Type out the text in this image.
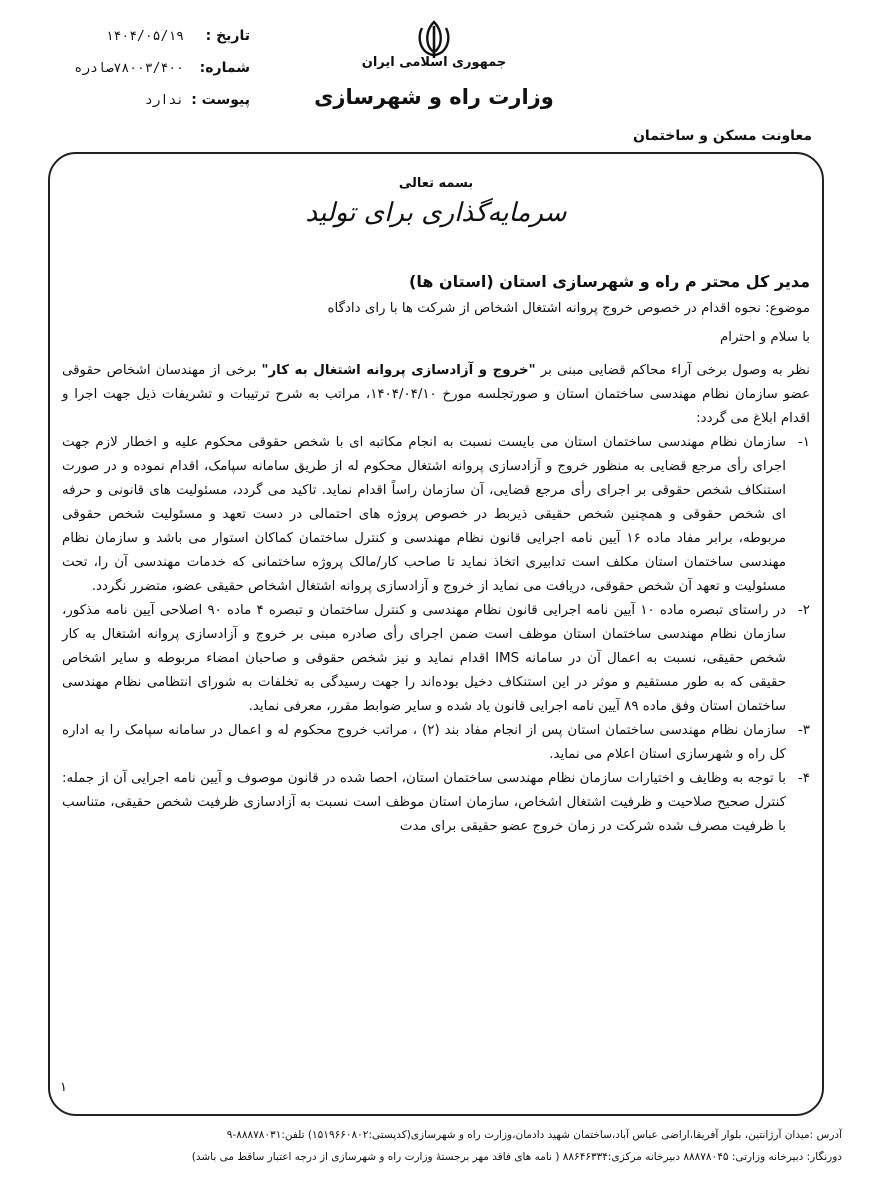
تاریخ :
۱۴۰۴/۰۵/۱۹
شماره:
۷۸۰۰۳/۴۰۰صادره
پیوست :
ندارد
جمهوری اسلامی ایران
وزارت راه و شهرسازی
معاونت مسکن و ساختمان
بسمه تعالی
سرمایه‌گذاری برای تولید
مدیر کل محتر م راه و شهرسازی استان (استان ها)
موضوع: نحوه اقدام در خصوص خروج پروانه اشتغال اشخاص از شرکت ها با رای دادگاه
با سلام و احترام
نظر به وصول برخی آراء محاکم قضایی مبنی بر "خروج و آزادسازی پروانه اشتغال به کار" برخی از مهندسان اشخاص حقوقی عضو سازمان نظام مهندسی ساختمان استان و صورتجلسه مورخ ۱۴۰۴/۰۴/۱۰، مراتب به شرح ترتیبات و تشریفات ذیل جهت اجرا و اقدام ابلاغ می گردد:
۱-
سازمان نظام مهندسی ساختمان استان می بایست نسبت به انجام مکاتبه ای با شخص حقوقی محکوم علیه و اخطار لازم جهت اجرای رأی مرجع قضایی به منظور خروج و آزادسازی پروانه اشتغال محکوم له از طریق سامانه سپامک، اقدام نموده و در صورت استنکاف شخص حقوقی بر اجرای رأی مرجع قضایی، آن سازمان راساً اقدام نماید. تاکید می گردد، مسئولیت های قانونی و حرفه ای شخص حقوقی و همچنین شخص حقیقی ذیربط در خصوص پروژه های احتمالی در دست تعهد و مسئولیت شخص حقوقی مربوطه، برابر مفاد ماده ۱۶ آیین نامه اجرایی قانون نظام مهندسی و کنترل ساختمان کماکان استوار می باشد و سازمان نظام مهندسی ساختمان استان مکلف است تدابیری اتخاذ نماید تا صاحب کار/مالک پروژه ساختمانی که خدمات مهندسی آن را، تحت مسئولیت و تعهد آن شخص حقوقی، دریافت می نماید از خروج و آزادسازی پروانه اشتغال اشخاص حقیقی عضو، متضرر نگردد.
۲-
در راستای تبصره ماده ۱۰ آیین نامه اجرایی قانون نظام مهندسی و کنترل ساختمان و تبصره ۴ ماده ۹۰ اصلاحی آیین نامه مذکور، سازمان نظام مهندسی ساختمان استان موظف است ضمن اجرای رأی صادره مبنی بر خروج و آزادسازی پروانه اشتغال به کار شخص حقیقی، نسبت به اعمال آن در سامانه IMS اقدام نماید و نیز شخص حقوقی و صاحبان امضاء مربوطه و سایر اشخاص حقیقی که به طور مستقیم و موثر در این استنکاف دخیل بوده‌اند را جهت رسیدگی به تخلفات به شورای انتظامی نظام مهندسی ساختمان استان وفق ماده ۸۹ آیین نامه اجرایی قانون یاد شده و سایر ضوابط مقرر، معرفی نماید.
۳-
سازمان نظام مهندسی ساختمان استان پس از انجام مفاد بند (۲) ، مراتب خروج محکوم له و اعمال در سامانه سپامک را به اداره کل راه و شهرسازی استان اعلام می نماید.
۴-
با توجه به وظایف و اختیارات سازمان نظام مهندسی ساختمان استان، احصا شده در قانون موصوف و آیین نامه اجرایی آن از جمله: کنترل صحیح صلاحیت و ظرفیت اشتغال اشخاص، سازمان استان موظف است نسبت به آزادسازی ظرفیت شخص حقیقی، متناسب با ظرفیت مصرف شده شرکت در زمان خروج عضو حقیقی برای مدت
۱
آدرس :میدان آرژانتین، بلوار آفریقا،اراضی عباس آباد،ساختمان شهید دادمان،وزارت راه و شهرسازی(کدپستی:۱۵۱۹۶۶۰۸۰۲) تلفن:۸۸۸۷۸۰۳۱-۹
دورنگار: دبیرخانه وزارتی: ۸۸۸۷۸۰۴۵ دبیرخانه مرکزی:۸۸۶۴۶۳۳۴ ( نامه های فاقد مهر برجستهٔ وزارت راه و شهرسازی از درجه اعتبار ساقط می باشد)
